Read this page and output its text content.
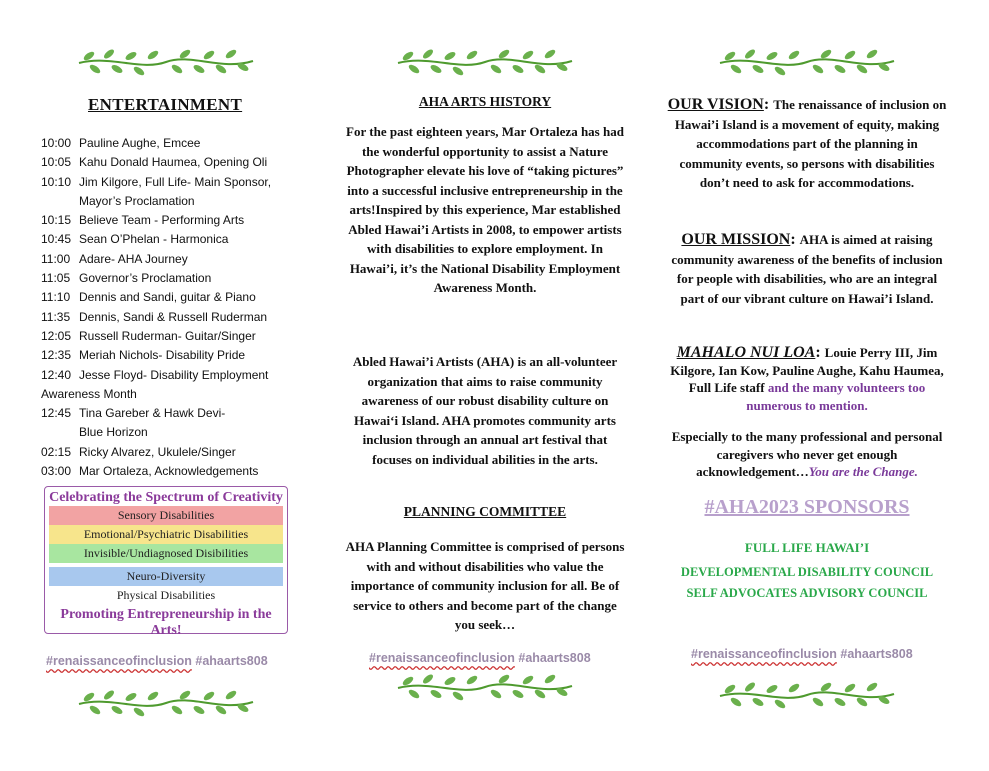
ENTERTAINMENT
10:00 Pauline Aughe, Emcee
10:05 Kahu Donald Haumea, Opening Oli
10:10 Jim Kilgore, Full Life- Main Sponsor,
Mayor’s Proclamation
10:15 Believe Team - Performing Arts
10:45 Sean O’Phelan - Harmonica
11:00 Adare- AHA Journey
11:05 Governor’s Proclamation
11:10 Dennis and Sandi, guitar & Piano
11:35 Dennis, Sandi & Russell Ruderman
12:05 Russell Ruderman- Guitar/Singer
12:35 Meriah Nichols- Disability Pride
12:40 Jesse Floyd- Disability Employment
Awareness Month
12:45 Tina Gareber & Hawk Devi-
Blue Horizon
02:15 Ricky Alvarez, Ukulele/Singer
03:00 Mar Ortaleza, Acknowledgements
Celebrating the Spectrum of Creativity
Sensory Disabilities
Emotional/Psychiatric Disabilities
Invisible/Undiagnosed Disibilities
Neuro-Diversity
Physical Disabilities
Promoting Entrepreneurship in the Arts!
#renaissanceofinclusion #ahaarts808
AHA ARTS HISTORY
For the past eighteen years, Mar Ortaleza has had the wonderful opportunity to assist a Nature Photographer elevate his love of “taking pictures” into a successful inclusive entrepreneurship in the arts!Inspired by this experience, Mar established Abled Hawai’i Artists in 2008, to empower artists with disabilities to explore employment. In Hawai’i, it’s the National Disability Employment Awareness Month.
Abled Hawai’i Artists (AHA) is an all-volunteer organization that aims to raise community awareness of our robust disability culture on Hawai‘i Island. AHA promotes community arts inclusion through an annual art festival that focuses on individual abilities in the arts.
PLANNING COMMITTEE
AHA Planning Committee is comprised of persons with and without disabilities who value the importance of community inclusion for all. Be of service to others and become part of the change you seek…
#renaissanceofinclusion #ahaarts808
OUR VISION: The renaissance of inclusion on Hawai’i Island is a movement of equity, making accommodations part of the planning in community events, so persons with disabilities don’t need to ask for accommodations.
OUR MISSION: AHA is aimed at raising community awareness of the benefits of inclusion for people with disabilities, who are an integral part of our vibrant culture on Hawai’i Island.
MAHALO NUI LOA: Louie Perry III, Jim Kilgore, Ian Kow, Pauline Aughe, Kahu Haumea, Full Life staff and the many volunteers too numerous to mention.
Especially to the many professional and personal caregivers who never get enough acknowledgement…You are the Change.
#AHA2023 SPONSORS
FULL LIFE HAWAI’I
DEVELOPMENTAL DISABILITY COUNCIL
SELF ADVOCATES ADVISORY COUNCIL
#renaissanceofinclusion #ahaarts808
